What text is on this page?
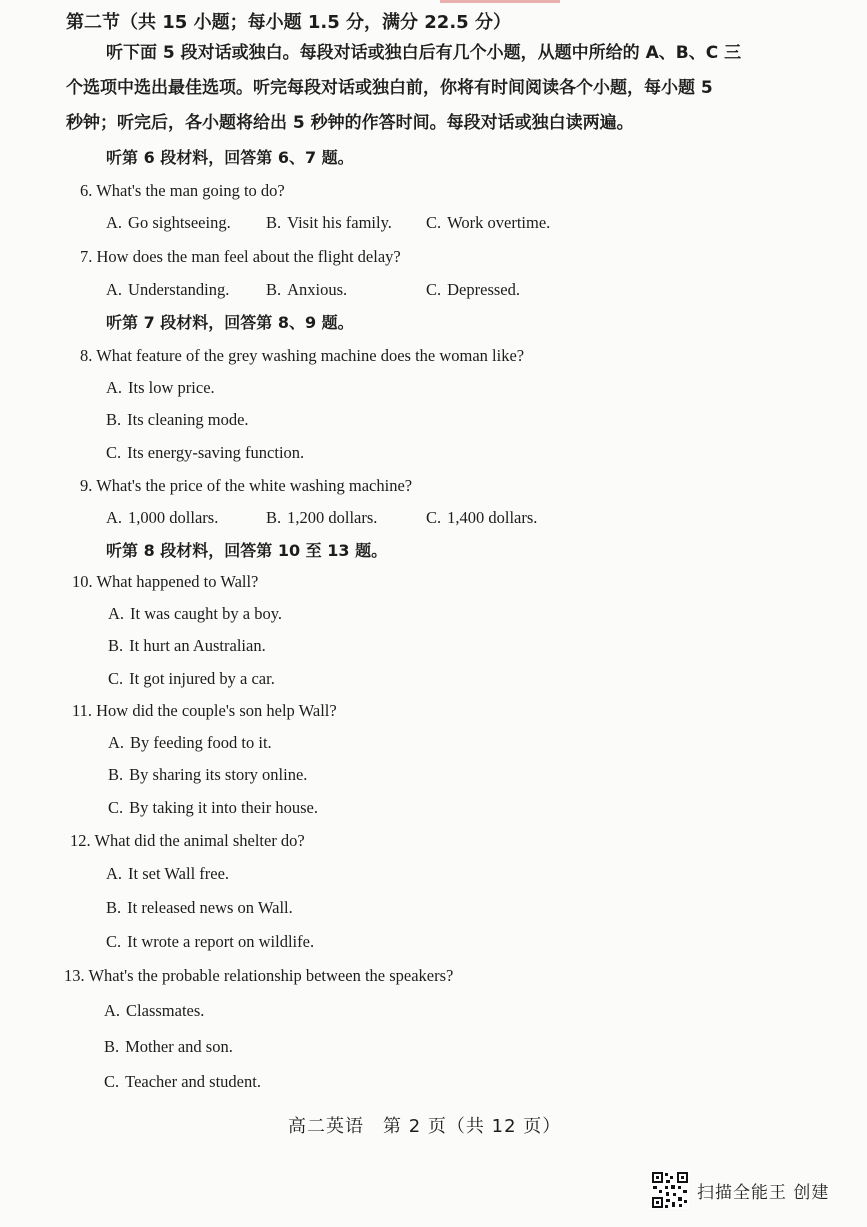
第二节（共 15 小题；每小题 1.5 分，满分 22.5 分）
听下面 5 段对话或独白。每段对话或独白后有几个小题，从题中所给的 A、B、C 三
个选项中选出最佳选项。听完每段对话或独白前，你将有时间阅读各个小题，每小题 5
秒钟；听完后，各小题将给出 5 秒钟的作答时间。每段对话或独白读两遍。
听第 6 段材料，回答第 6、7 题。
6. What's the man going to do?
A. Go sightseeing. B. Visit his family. C. Work overtime.
7. How does the man feel about the flight delay?
A. Understanding. B. Anxious.	C. Depressed.
听第 7 段材料，回答第 8、9 题。
8. What feature of the grey washing machine does the woman like?
A. Its low price.
B. Its cleaning mode.
C. Its energy-saving function.
9. What's the price of the white washing machine?
A. 1,000 dollars.	B. 1,200 dollars.	C. 1,400 dollars.
听第 8 段材料，回答第 10 至 13 题。
10. What happened to Wall?
A. It was caught by a boy.
B. It hurt an Australian.
C. It got injured by a car.
11. How did the couple's son help Wall?
A. By feeding food to it.
B. By sharing its story online.
C. By taking it into their house.
12. What did the animal shelter do?
A. It set Wall free.
B. It released news on Wall.
C. It wrote a report on wildlife.
13. What's the probable relationship between the speakers?
A. Classmates.
B. Mother and son.
C. Teacher and student.
高二英语　第 2 页（共 12 页）
扫描全能王 创建
